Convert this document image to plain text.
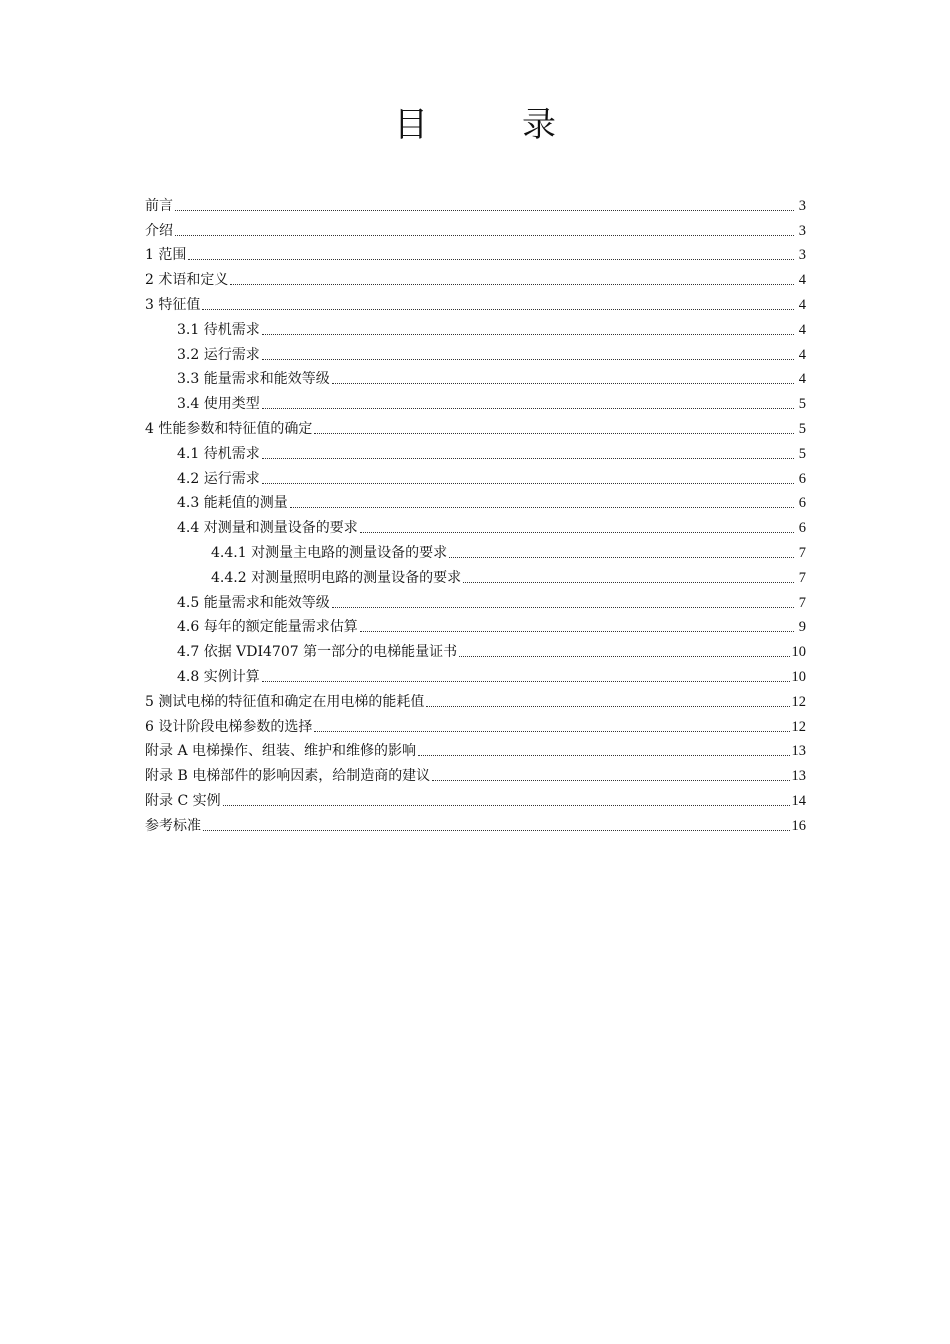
目　录
前言	3
介绍	3
1 范围	3
2 术语和定义	4
3 特征值	4
3.1 待机需求	4
3.2 运行需求	4
3.3 能量需求和能效等级	4
3.4 使用类型	5
4 性能参数和特征值的确定	5
4.1 待机需求	5
4.2 运行需求	6
4.3 能耗值的测量	6
4.4 对测量和测量设备的要求	6
4.4.1 对测量主电路的测量设备的要求	7
4.4.2 对测量照明电路的测量设备的要求	7
4.5 能量需求和能效等级	7
4.6 每年的额定能量需求估算	9
4.7 依据 VDI4707 第一部分的电梯能量证书	10
4.8 实例计算	10
5 测试电梯的特征值和确定在用电梯的能耗值	12
6 设计阶段电梯参数的选择	12
附录 A 电梯操作、组装、维护和维修的影响	13
附录 B 电梯部件的影响因素，给制造商的建议	13
附录 C 实例	14
参考标准	16
